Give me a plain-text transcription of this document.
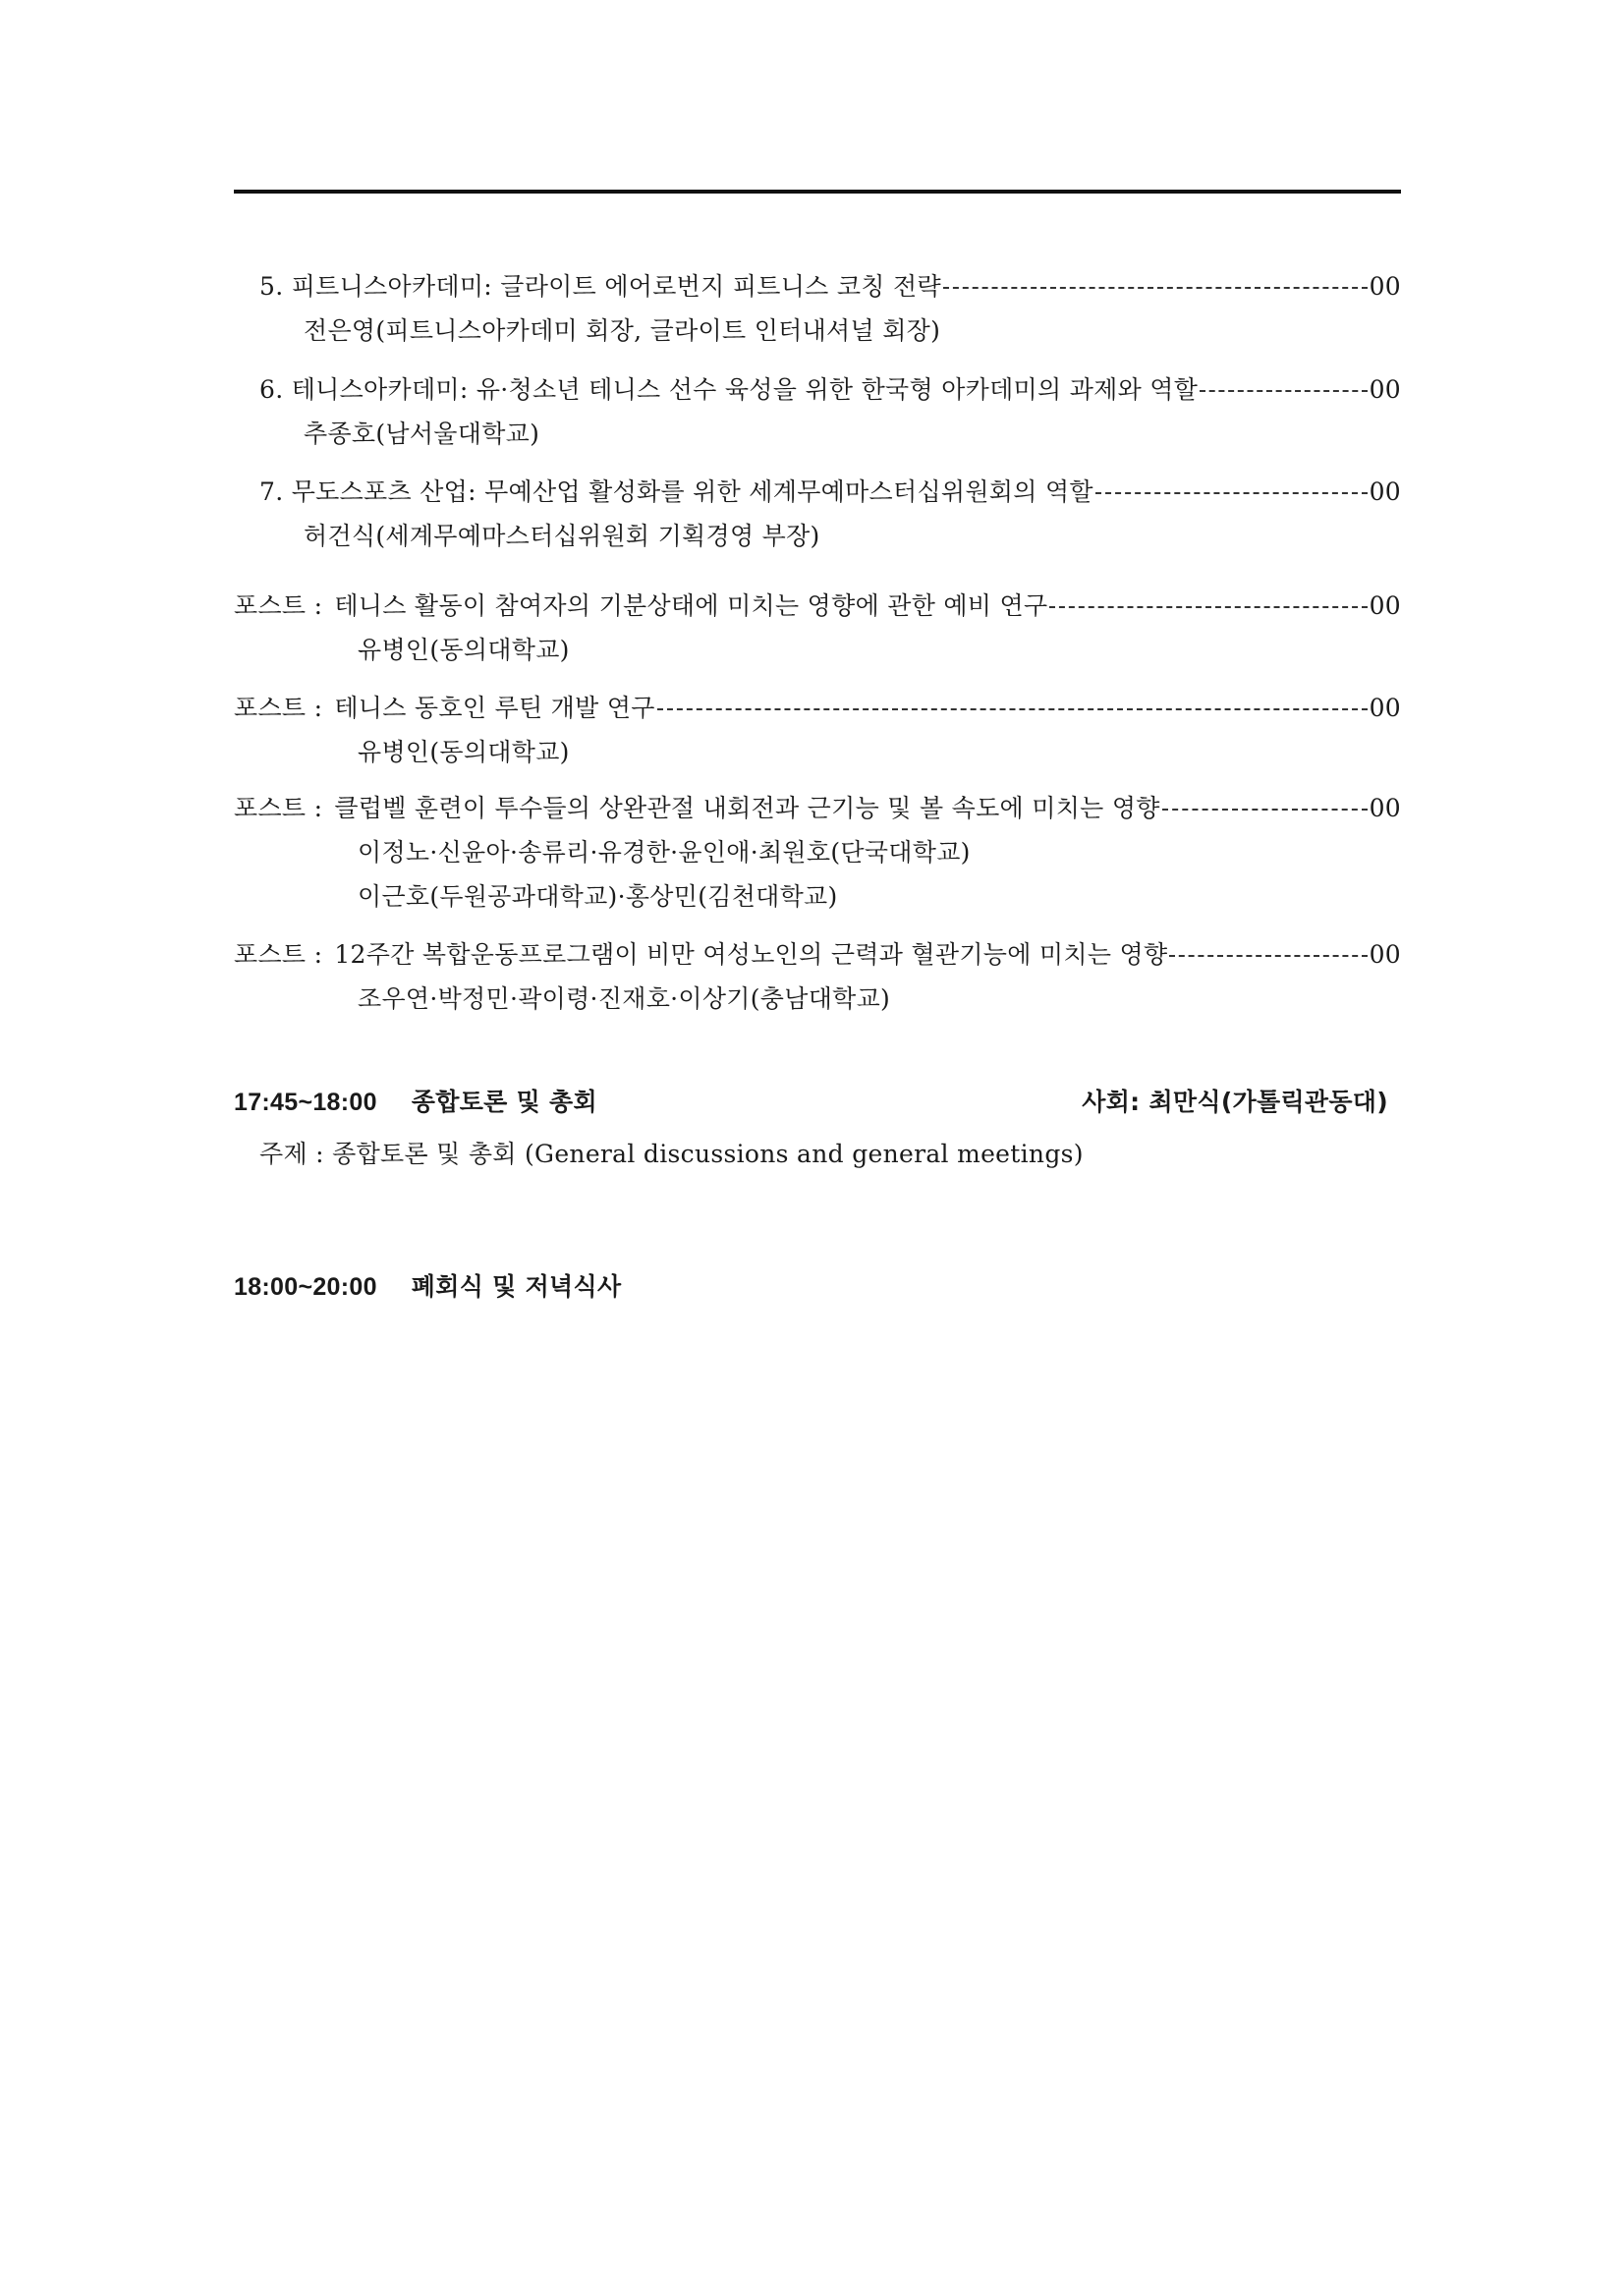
5. 피트니스아카데미: 글라이트 에어로번지 피트니스 코칭 전략	00
전은영(피트니스아카데미 회장, 글라이트 인터내셔널 회장)
6. 테니스아카데미: 유·청소년 테니스 선수 육성을 위한 한국형 아카데미의 과제와 역할	00
추종호(남서울대학교)
7. 무도스포츠 산업: 무예산업 활성화를 위한 세계무예마스터십위원회의 역할	00
허건식(세계무예마스터십위원회 기획경영 부장)
포스트 : 테니스 활동이 참여자의 기분상태에 미치는 영향에 관한 예비 연구	00
유병인(동의대학교)
포스트 : 테니스 동호인 루틴 개발 연구	00
유병인(동의대학교)
포스트 : 클럽벨 훈련이 투수들의 상완관절 내회전과 근기능 및 볼 속도에 미치는 영향	00
이정노·신윤아·송류리·유경한·윤인애·최원호(단국대학교)
이근호(두원공과대학교)·홍상민(김천대학교)
포스트 : 12주간 복합운동프로그램이 비만 여성노인의 근력과 혈관기능에 미치는 영향	00
조우연·박정민·곽이령·진재호·이상기(충남대학교)
17:45~18:00 종합토론 및 총회	사회: 최만식(가톨릭관동대)
주제 : 종합토론 및 총회 (General discussions and general meetings)
18:00~20:00 폐회식 및 저녁식사
